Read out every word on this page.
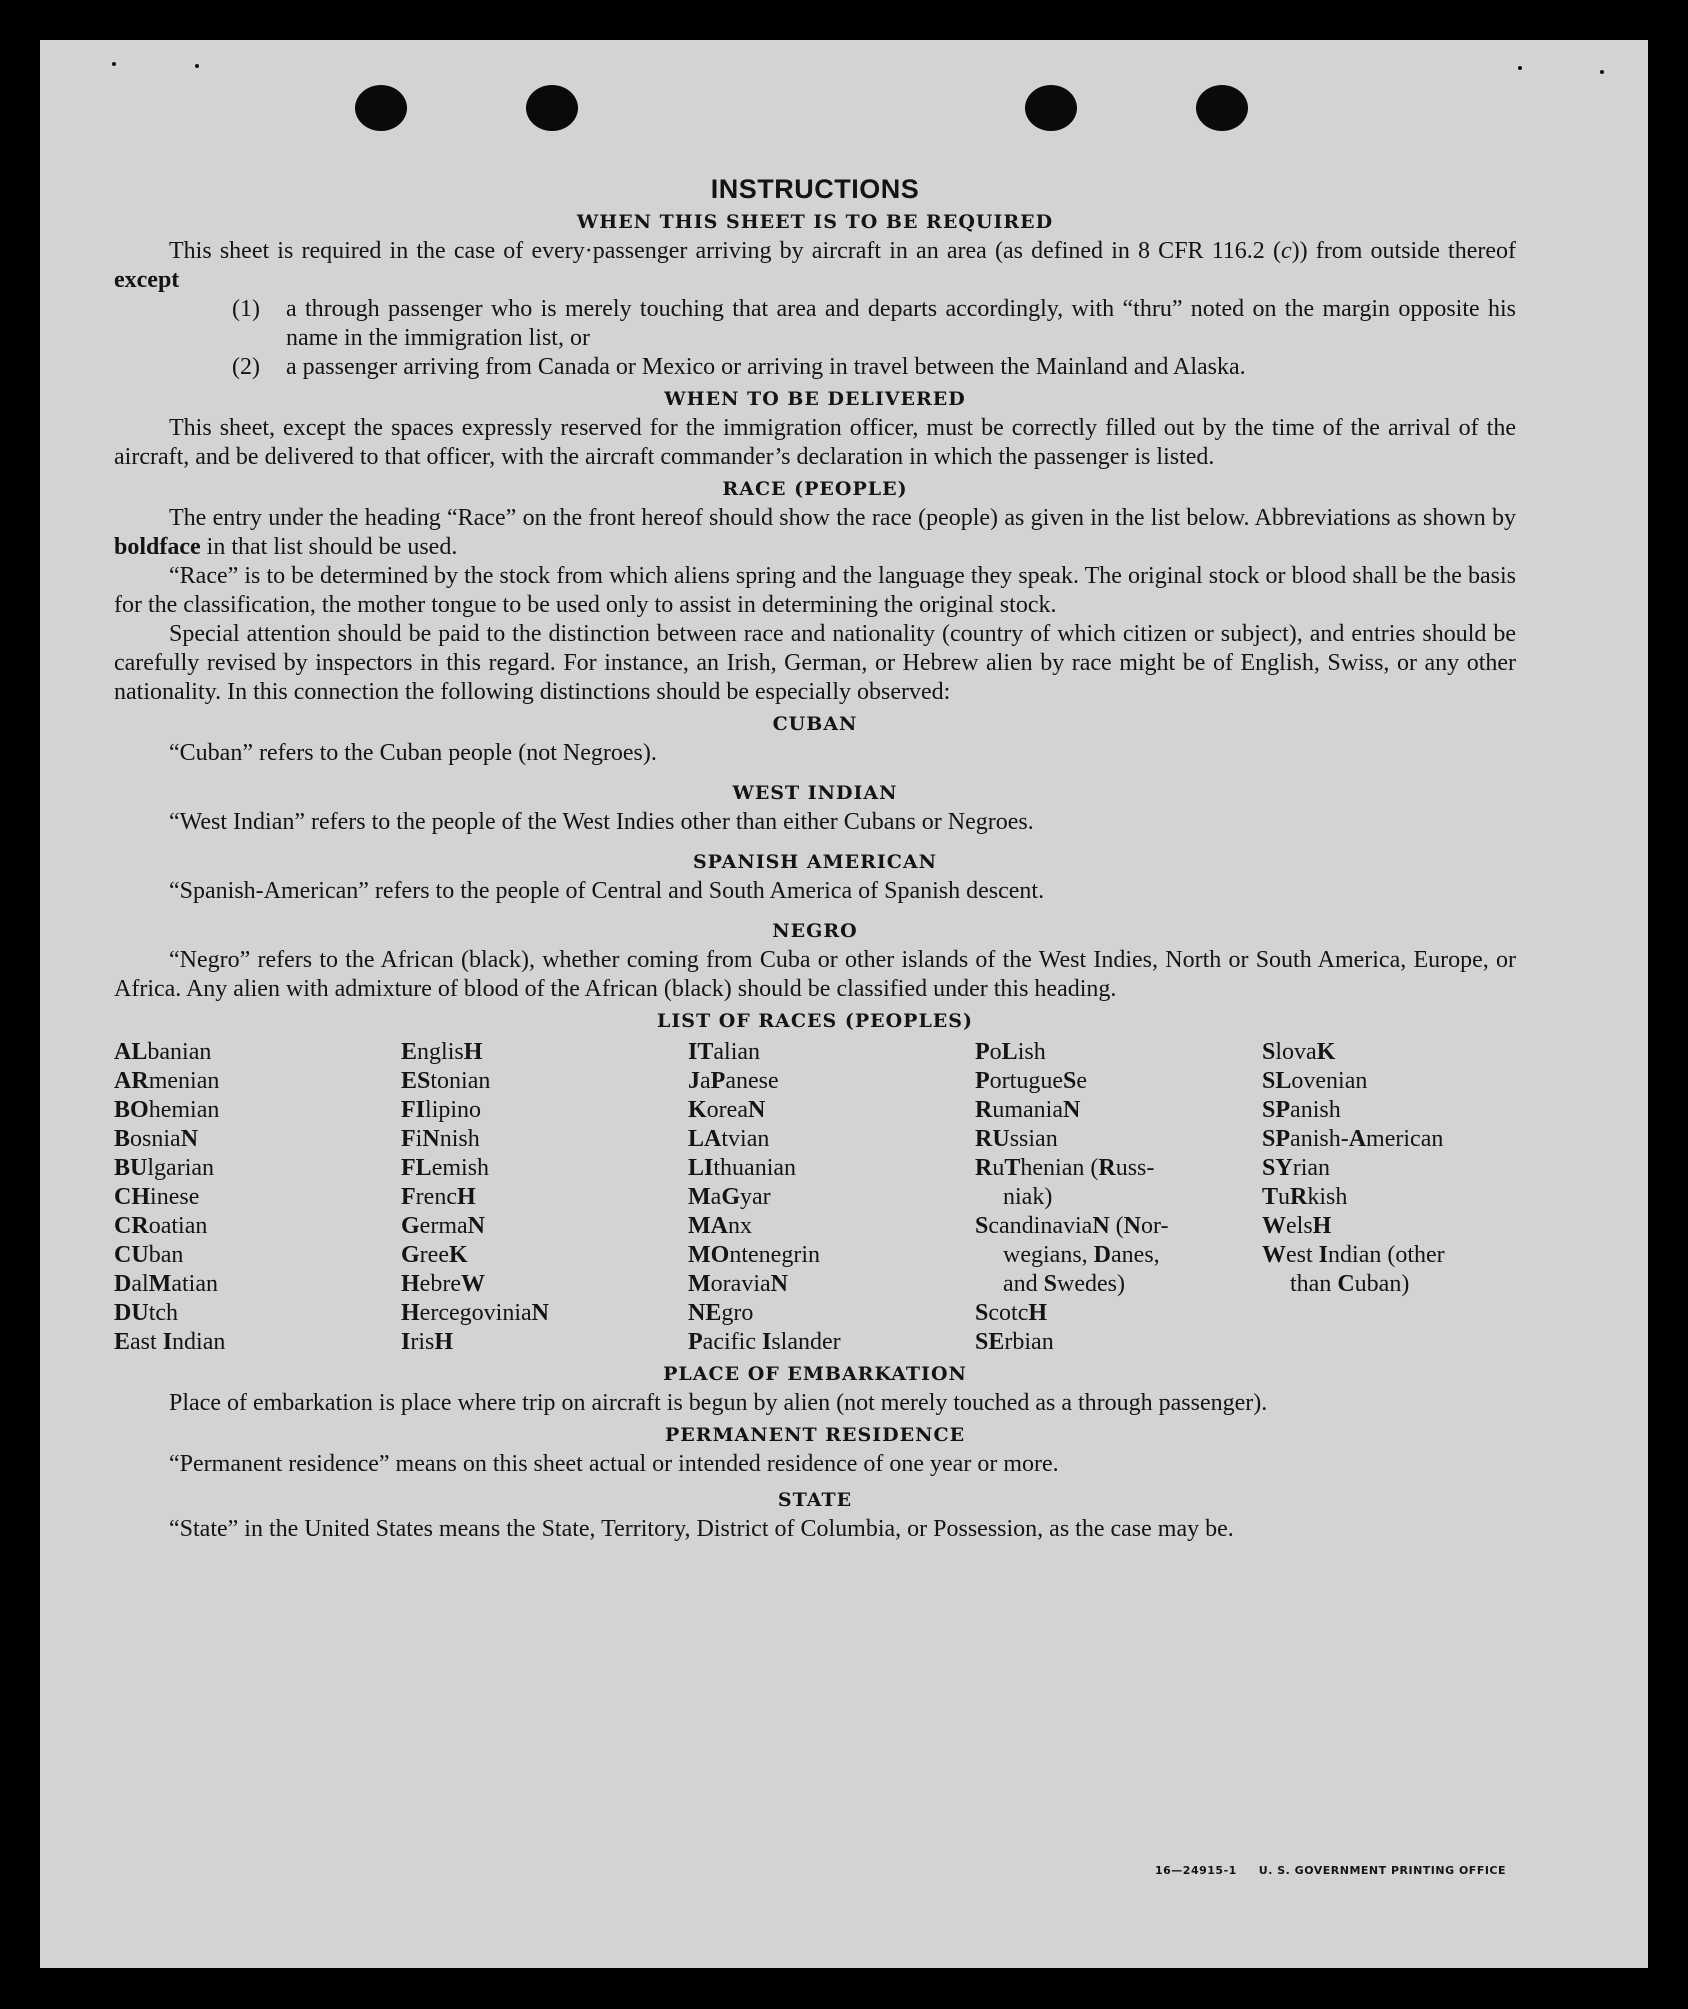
INSTRUCTIONS
WHEN THIS SHEET IS TO BE REQUIRED

This sheet is required in the case of every·passenger arriving by aircraft in an area (as defined in 8 CFR 116.2 (c)) from outside thereof except

(1)	a through passenger who is merely touching that area and departs accordingly, with “thru” noted on the margin opposite his name in the immigration list, or
(2)	a passenger arriving from Canada or Mexico or arriving in travel between the Mainland and Alaska.
WHEN TO BE DELIVERED

This sheet, except the spaces expressly reserved for the immigration officer, must be correctly filled out by the time of the arrival of the aircraft, and be delivered to that officer, with the aircraft commander’s declaration in which the passenger is listed.

RACE (PEOPLE)

The entry under the heading “Race” on the front hereof should show the race (people) as given in the list below. Abbreviations as shown by boldface in that list should be used.

“Race” is to be determined by the stock from which aliens spring and the language they speak. The original stock or blood shall be the basis for the classification, the mother tongue to be used only to assist in determining the original stock.

Special attention should be paid to the distinction between race and nationality (country of which citizen or subject), and entries should be carefully revised by inspectors in this regard. For instance, an Irish, German, or Hebrew alien by race might be of English, Swiss, or any other nationality. In this connection the following distinctions should be especially observed:

CUBAN

“Cuban” refers to the Cuban people (not Negroes).

WEST INDIAN

“West Indian” refers to the people of the West Indies other than either Cubans or Negroes.

SPANISH AMERICAN

“Spanish-American” refers to the people of Central and South America of Spanish descent.

NEGRO

“Negro” refers to the African (black), whether coming from Cuba or other islands of the West Indies, North or South America, Europe, or Africa. Any alien with admixture of blood of the African (black) should be classified under this heading.

LIST OF RACES (PEOPLES)
ALbanian
ARmenian
BOhemian
BosniaN
BUlgarian
CHinese
CRoatian
CUban
DalMatian
DUtch
East Indian
EnglisH
EStonian
FIlipino
FiNnish
FLemish
FrencH
GermaN
GreeK
HebreW
HercegoviniaN
IrisH
ITalian
JaPanese
KoreaN
LAtvian
LIthuanian
MaGyar
MAnx
MOntenegrin
MoraviaN
NEgro
Pacific Islander
PoLish
PortugueSe
RumaniaN
RUssian
RuThenian (Russ-
niak)
ScandinaviaN (Nor-
wegians, Danes,
and Swedes)
ScotcH
SErbian
SlovaK
SLovenian
SPanish
SPanish-American
SYrian
TuRkish
WelsH
West Indian (other
than Cuban)
PLACE OF EMBARKATION

Place of embarkation is place where trip on aircraft is begun by alien (not merely touched as a through passenger).

PERMANENT RESIDENCE

“Permanent residence” means on this sheet actual or intended residence of one year or more.

STATE

“State” in the United States means the State, Territory, District of Columbia, or Possession, as the case may be.

16—24915-1 U. S. GOVERNMENT PRINTING OFFICE
